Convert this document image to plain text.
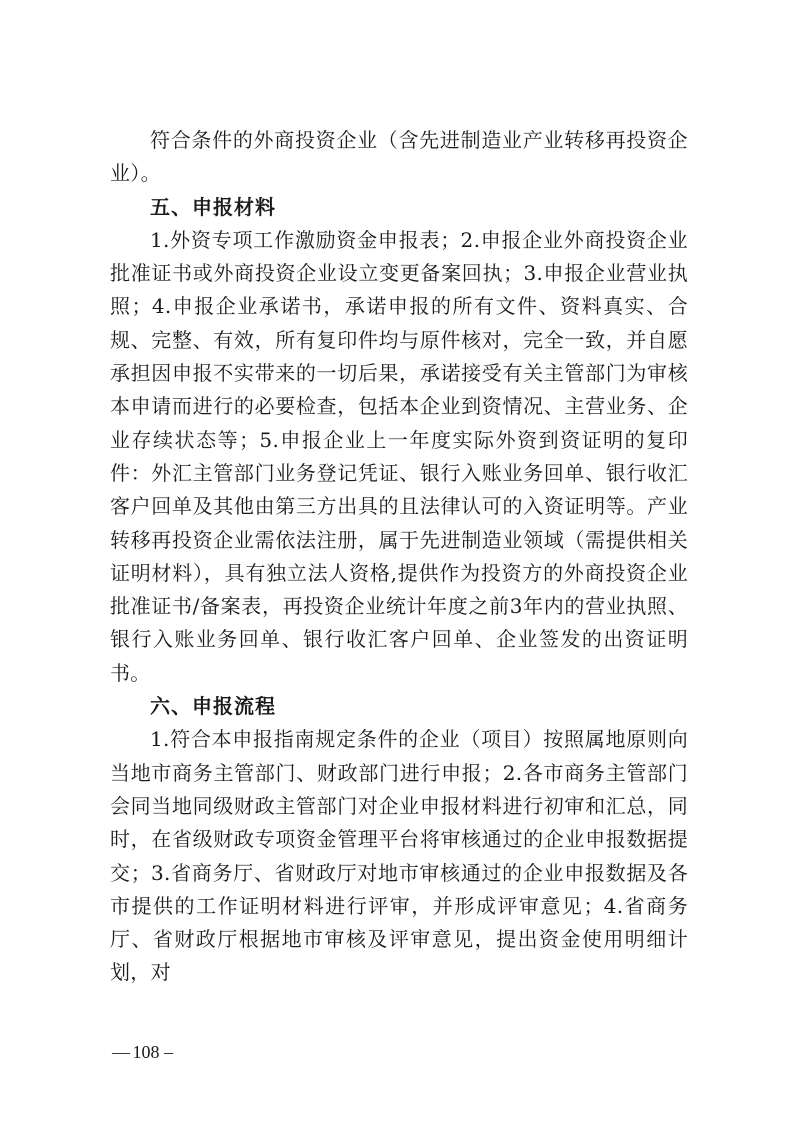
符合条件的外商投资企业（含先进制造业产业转移再投资企业）。

五、申报材料

1.外资专项工作激励资金申报表；2.申报企业外商投资企业批准证书或外商投资企业设立变更备案回执；3.申报企业营业执照；4.申报企业承诺书，承诺申报的所有文件、资料真实、合规、完整、有效，所有复印件均与原件核对，完全一致，并自愿承担因申报不实带来的一切后果，承诺接受有关主管部门为审核本申请而进行的必要检查，包括本企业到资情况、主营业务、企业存续状态等；5.申报企业上一年度实际外资到资证明的复印件：外汇主管部门业务登记凭证、银行入账业务回单、银行收汇客户回单及其他由第三方出具的且法律认可的入资证明等。产业转移再投资企业需依法注册，属于先进制造业领域（需提供相关证明材料），具有独立法人资格,提供作为投资方的外商投资企业批准证书/备案表，再投资企业统计年度之前3年内的营业执照、银行入账业务回单、银行收汇客户回单、企业签发的出资证明书。

六、申报流程

1.符合本申报指南规定条件的企业（项目）按照属地原则向当地市商务主管部门、财政部门进行申报；2.各市商务主管部门会同当地同级财政主管部门对企业申报材料进行初审和汇总，同时，在省级财政专项资金管理平台将审核通过的企业申报数据提交；3.省商务厅、省财政厅对地市审核通过的企业申报数据及各市提供的工作证明材料进行评审，并形成评审意见；4.省商务厅、省财政厅根据地市审核及评审意见，提出资金使用明细计划，对

— 108 –
